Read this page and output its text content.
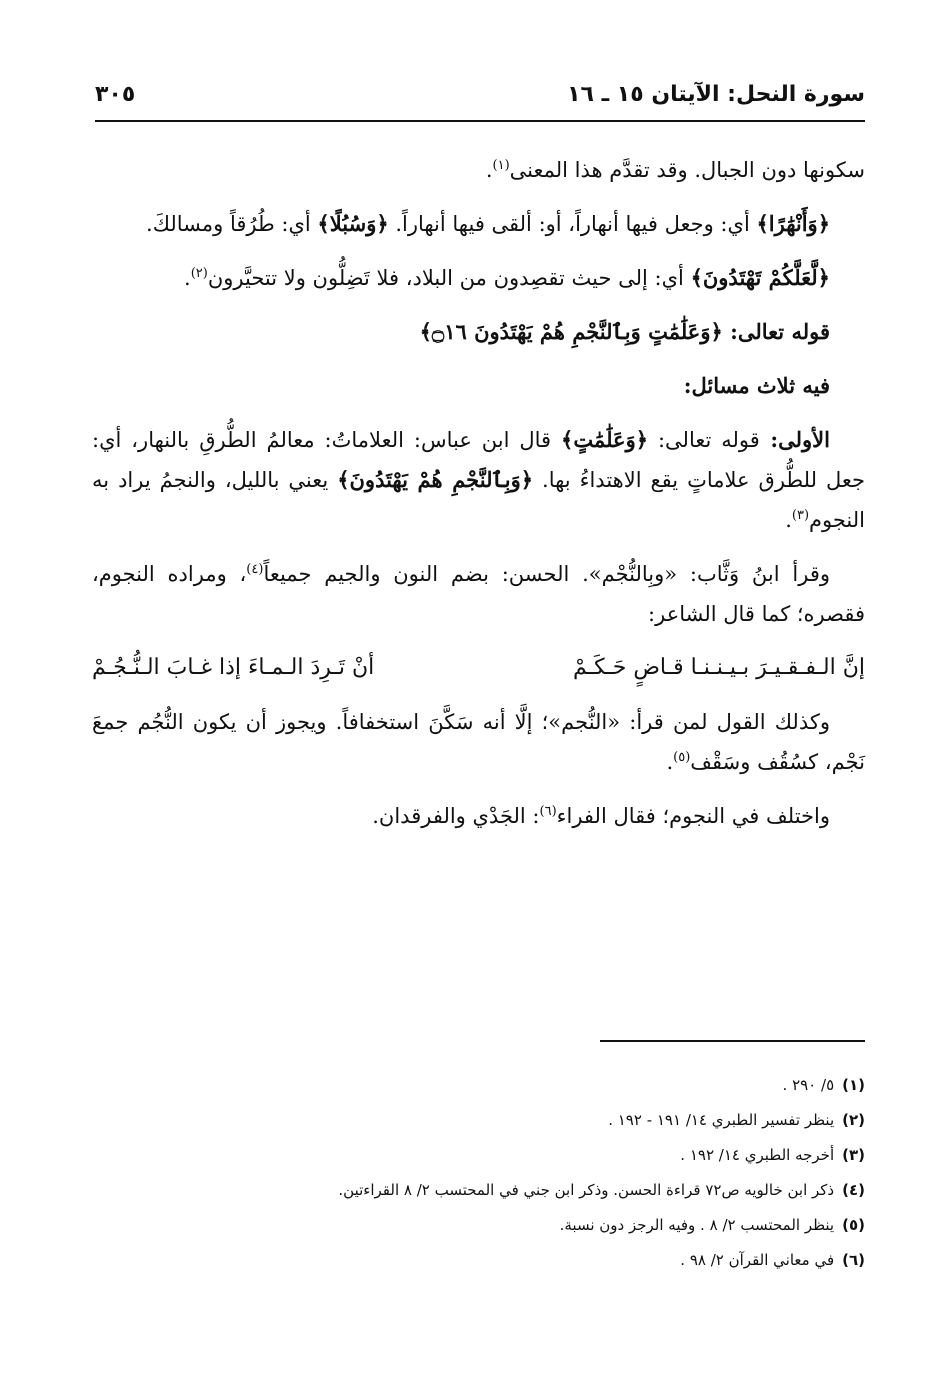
سورة النحل: الآيتان ١٥ ـ ١٦
٣٠٥

سكونها دون الجبال. وقد تقدَّم هذا المعنى$^{(١)}$.

﴿وَأَنْهَٰرًا﴾ أي: وجعل فيها أنهاراً، أو: ألقى فيها أنهاراً. ﴿وَسُبُلًا﴾ أي: طُرُقاً ومسالكَ.

﴿لَّعَلَّكُمْ تَهْتَدُونَ﴾ أي: إلى حيث تقصِدون من البلاد، فلا تَضِلُّون ولا تتحيَّرون$^{(٢)}$.

قوله تعالى: ﴿وَعَلَٰمَٰتٍ وَبِٱلنَّجْمِ هُمْ يَهْتَدُونَ ۝١٦﴾

فيه ثلاث مسائل:

الأولى: قوله تعالى: ﴿وَعَلَٰمَٰتٍ﴾ قال ابن عباس: العلاماتُ: معالمُ الطُّرقِ بالنهار، أي: جعل للطُّرق علاماتٍ يقع الاهتداءُ بها. ﴿وَبِٱلنَّجْمِ هُمْ يَهْتَدُونَ﴾ يعني بالليل، والنجمُ يراد به النجوم$^{(٣)}$.

وقرأ ابنُ وَثَّاب: «وبِالنُّجْم». الحسن: بضم النون والجيم جميعاً$^{(٤)}$، ومراده النجوم، فقصره؛ كما قال الشاعر:

إنَّ الـفـقـيـرَ بـيـنـنـا قـاضٍ حَـكَـمْ
أنْ تَـرِدَ الـمـاءَ إذا غـابَ الـنُّـجُـمْ

وكذلك القول لمن قرأ: «النُّجم»؛ إلَّا أنه سَكَّنَ استخفافاً. ويجوز أن يكون النُّجُم جمعَ نَجْم، كسُقُف وسَقْف$^{(٥)}$.

واختلف في النجوم؛ فقال الفراء$^{(٦)}$: الجَدْي والفرقدان.

(١)٥/ ٢٩٠ .
(٢)ينظر تفسير الطبري ١٤/ ١٩١ - ١٩٢ .
(٣)أخرجه الطبري ١٤/ ١٩٢ .
(٤)ذكر ابن خالويه ص٧٢ قراءة الحسن. وذكر ابن جني في المحتسب ٢/ ٨ القراءتين.
(٥)ينظر المحتسب ٢/ ٨ . وفيه الرجز دون نسبة.
(٦)في معاني القرآن ٢/ ٩٨ .
